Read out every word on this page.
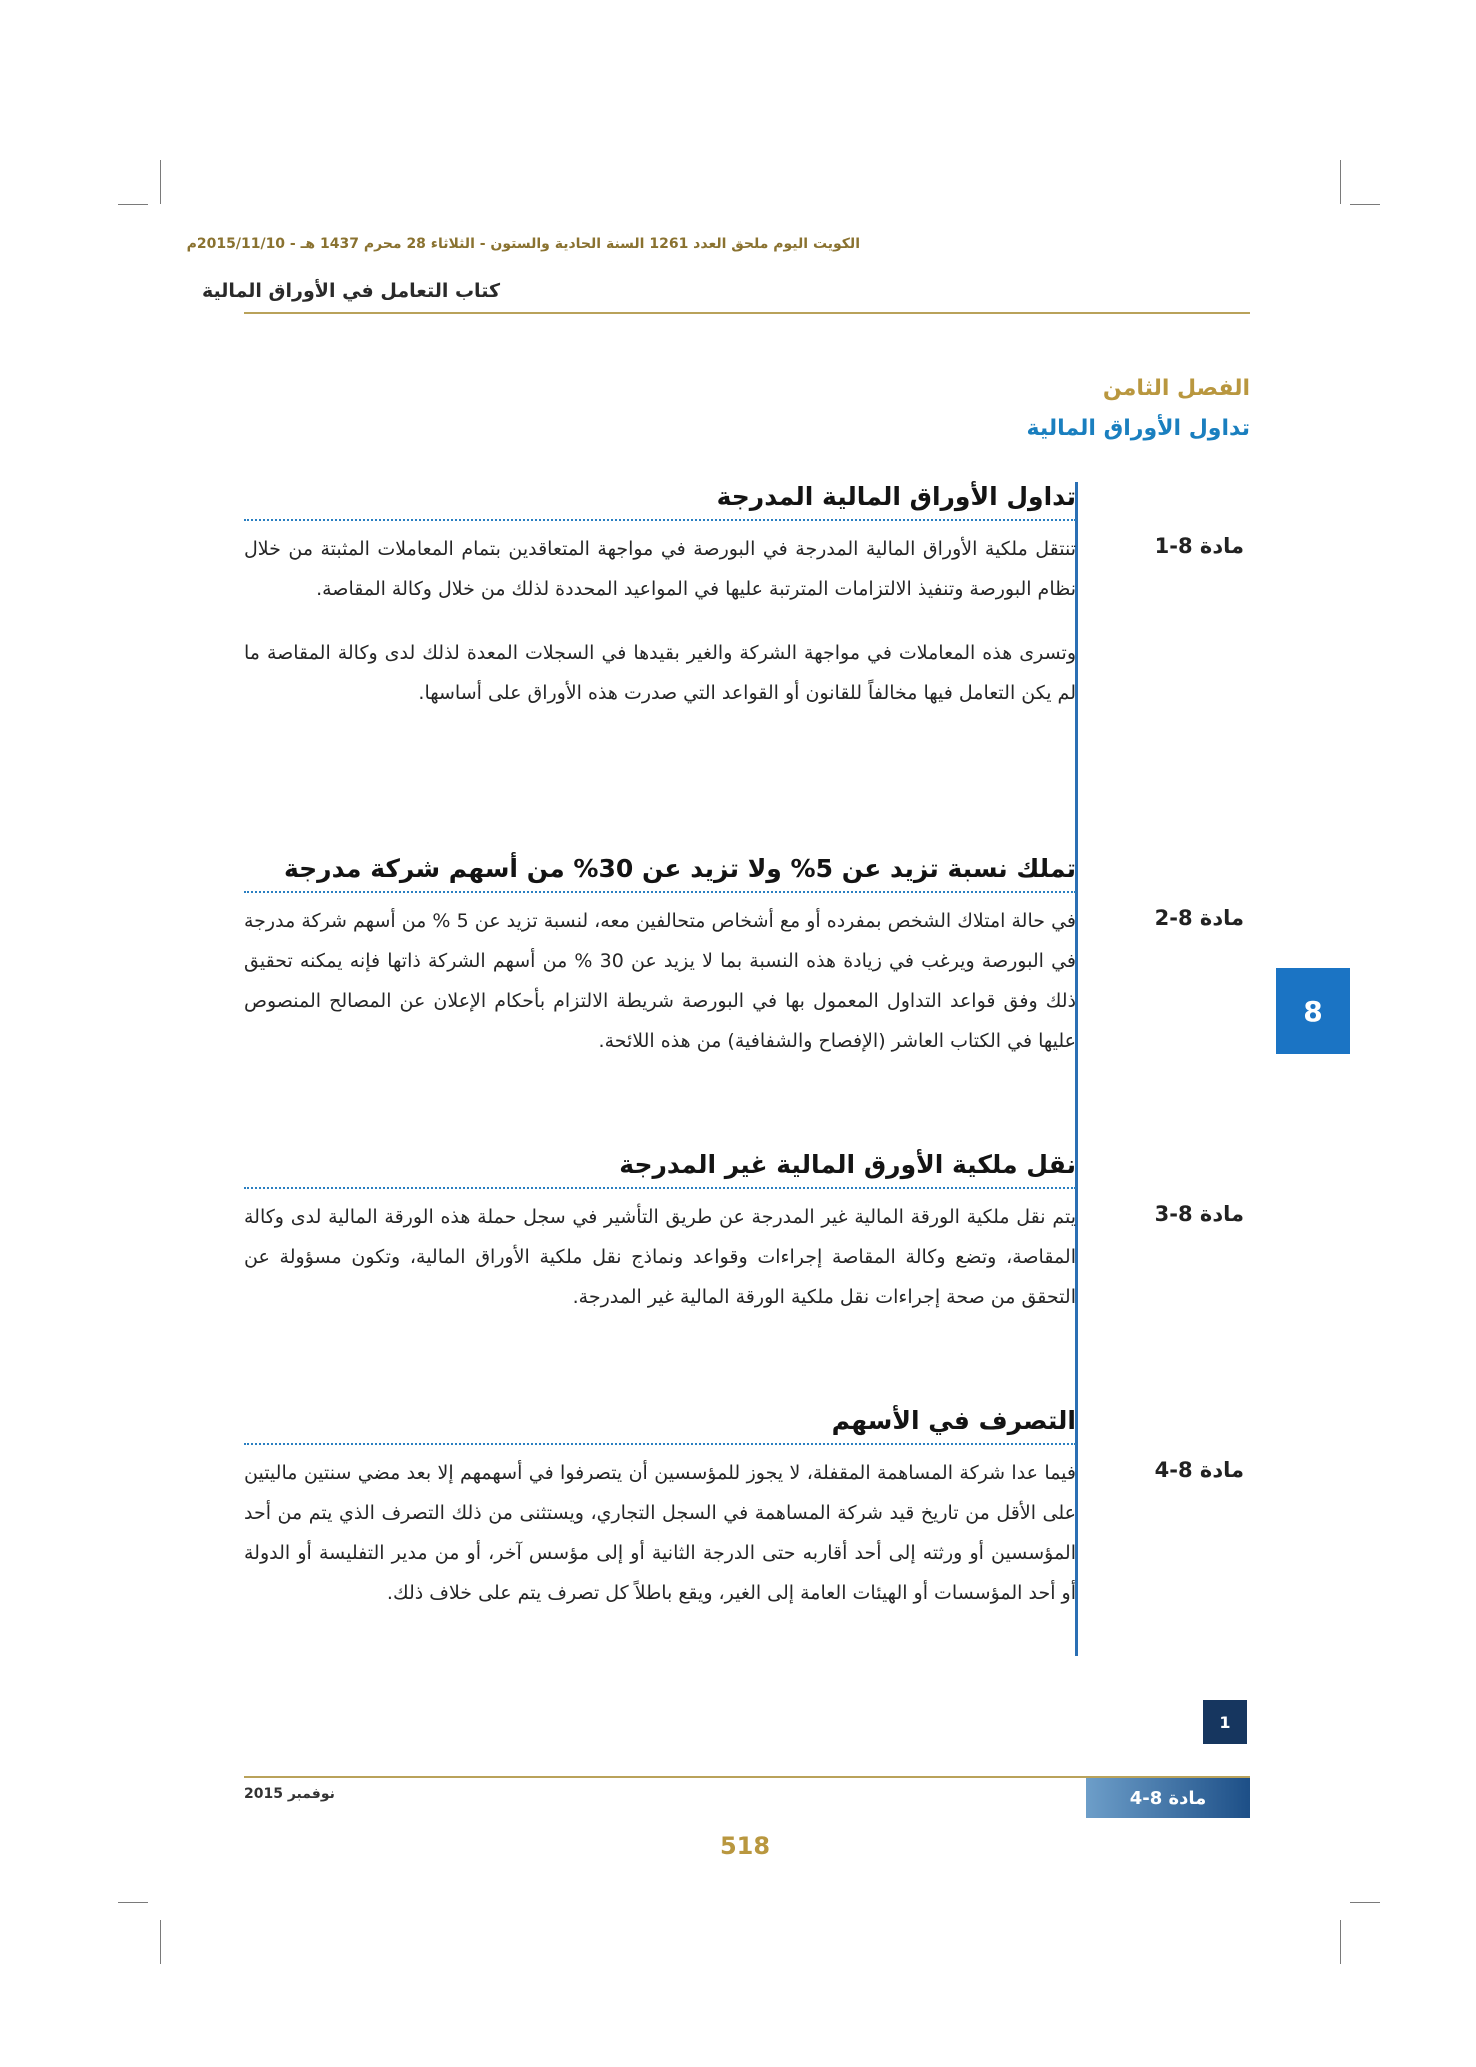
الكويت اليوم ملحق العدد 1261 السنة الحادية والستون - الثلاثاء 28 محرم 1437 هـ - 2015/11/10م
كتاب التعامل في الأوراق المالية
الفصل الثامن
تداول الأوراق المالية
مادة 8-1
تداول الأوراق المالية المدرجة

تنتقل ملكية الأوراق المالية المدرجة في البورصة في مواجهة المتعاقدين بتمام المعاملات المثبتة من خلال نظام البورصة وتنفيذ الالتزامات المترتبة عليها في المواعيد المحددة لذلك من خلال وكالة المقاصة.

وتسرى هذه المعاملات في مواجهة الشركة والغير بقيدها في السجلات المعدة لذلك لدى وكالة المقاصة ما لم يكن التعامل فيها مخالفاً للقانون أو القواعد التي صدرت هذه الأوراق على أساسها.

مادة 8-2
تملك نسبة تزيد عن 5% ولا تزيد عن 30% من أسهم شركة مدرجة

في حالة امتلاك الشخص بمفرده أو مع أشخاص متحالفين معه، لنسبة تزيد عن 5 % من أسهم شركة مدرجة في البورصة ويرغب في زيادة هذه النسبة بما لا يزيد عن 30 % من أسهم الشركة ذاتها فإنه يمكنه تحقيق ذلك وفق قواعد التداول المعمول بها في البورصة شريطة الالتزام بأحكام الإعلان عن المصالح المنصوص عليها في الكتاب العاشر (الإفصاح والشفافية) من هذه اللائحة.

مادة 8-3
نقل ملكية الأورق المالية غير المدرجة

يتم نقل ملكية الورقة المالية غير المدرجة عن طريق التأشير في سجل حملة هذه الورقة المالية لدى وكالة المقاصة، وتضع وكالة المقاصة إجراءات وقواعد ونماذج نقل ملكية الأوراق المالية، وتكون مسؤولة عن التحقق من صحة إجراءات نقل ملكية الورقة المالية غير المدرجة.

مادة 8-4
التصرف في الأسهم

فيما عدا شركة المساهمة المقفلة، لا يجوز للمؤسسين أن يتصرفوا في أسهمهم إلا بعد مضي سنتين ماليتين على الأقل من تاريخ قيد شركة المساهمة في السجل التجاري، ويستثنى من ذلك التصرف الذي يتم من أحد المؤسسين أو ورثته إلى أحد أقاربه حتى الدرجة الثانية أو إلى مؤسس آخر، أو من مدير التفليسة أو الدولة أو أحد المؤسسات أو الهيئات العامة إلى الغير، ويقع باطلاً كل تصرف يتم على خلاف ذلك.

8
1
مادة 8-4
نوفمبر 2015
518
